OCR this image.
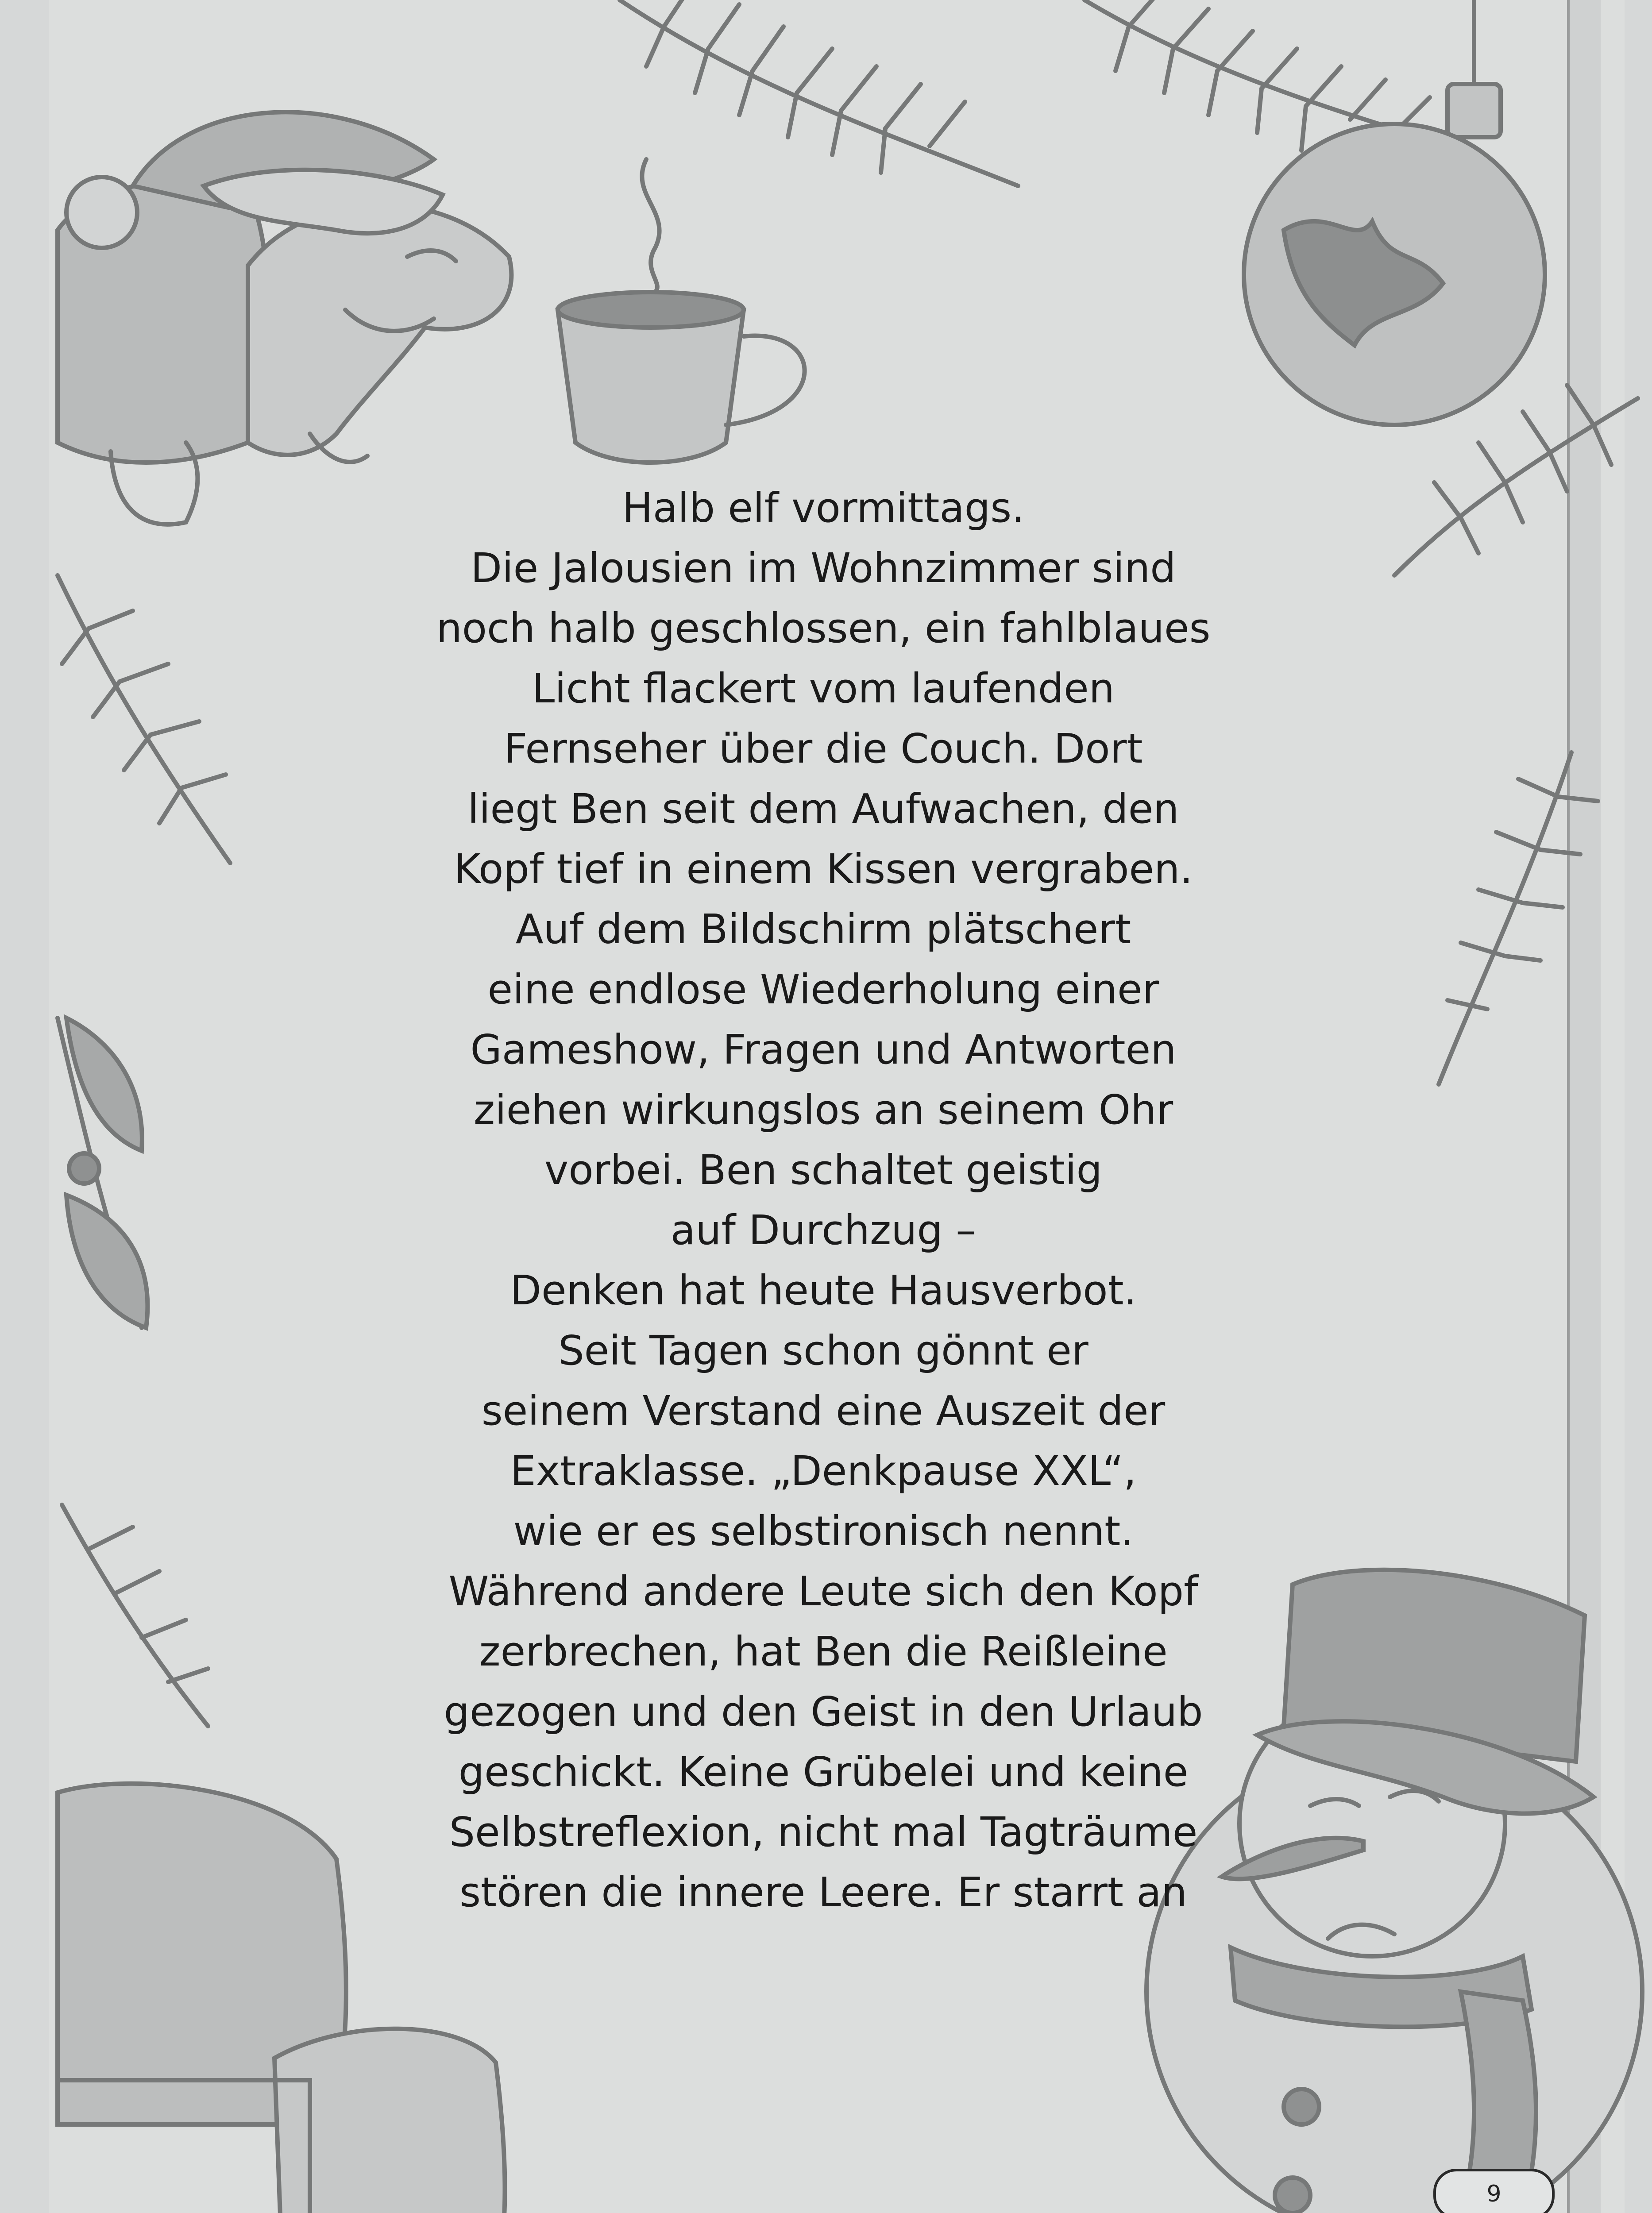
Halb elf vormittags.
Die Jalousien im Wohnzimmer sind
noch halb geschlossen, ein fahlblaues
Licht flackert vom laufenden
Fernseher über die Couch. Dort
liegt Ben seit dem Aufwachen, den
Kopf tief in einem Kissen vergraben.
Auf dem Bildschirm plätschert
eine endlose Wiederholung einer
Gameshow, Fragen und Antworten
ziehen wirkungslos an seinem Ohr
vorbei. Ben schaltet geistig
auf Durchzug –
Denken hat heute Hausverbot.
Seit Tagen schon gönnt er
seinem Verstand eine Auszeit der
Extraklasse. „Denkpause XXL“,
wie er es selbstironisch nennt.
Während andere Leute sich den Kopf
zerbrechen, hat Ben die Reißleine
gezogen und den Geist in den Urlaub
geschickt. Keine Grübelei und keine
Selbstreflexion, nicht mal Tagträume
stören die innere Leere. Er starrt an
9
